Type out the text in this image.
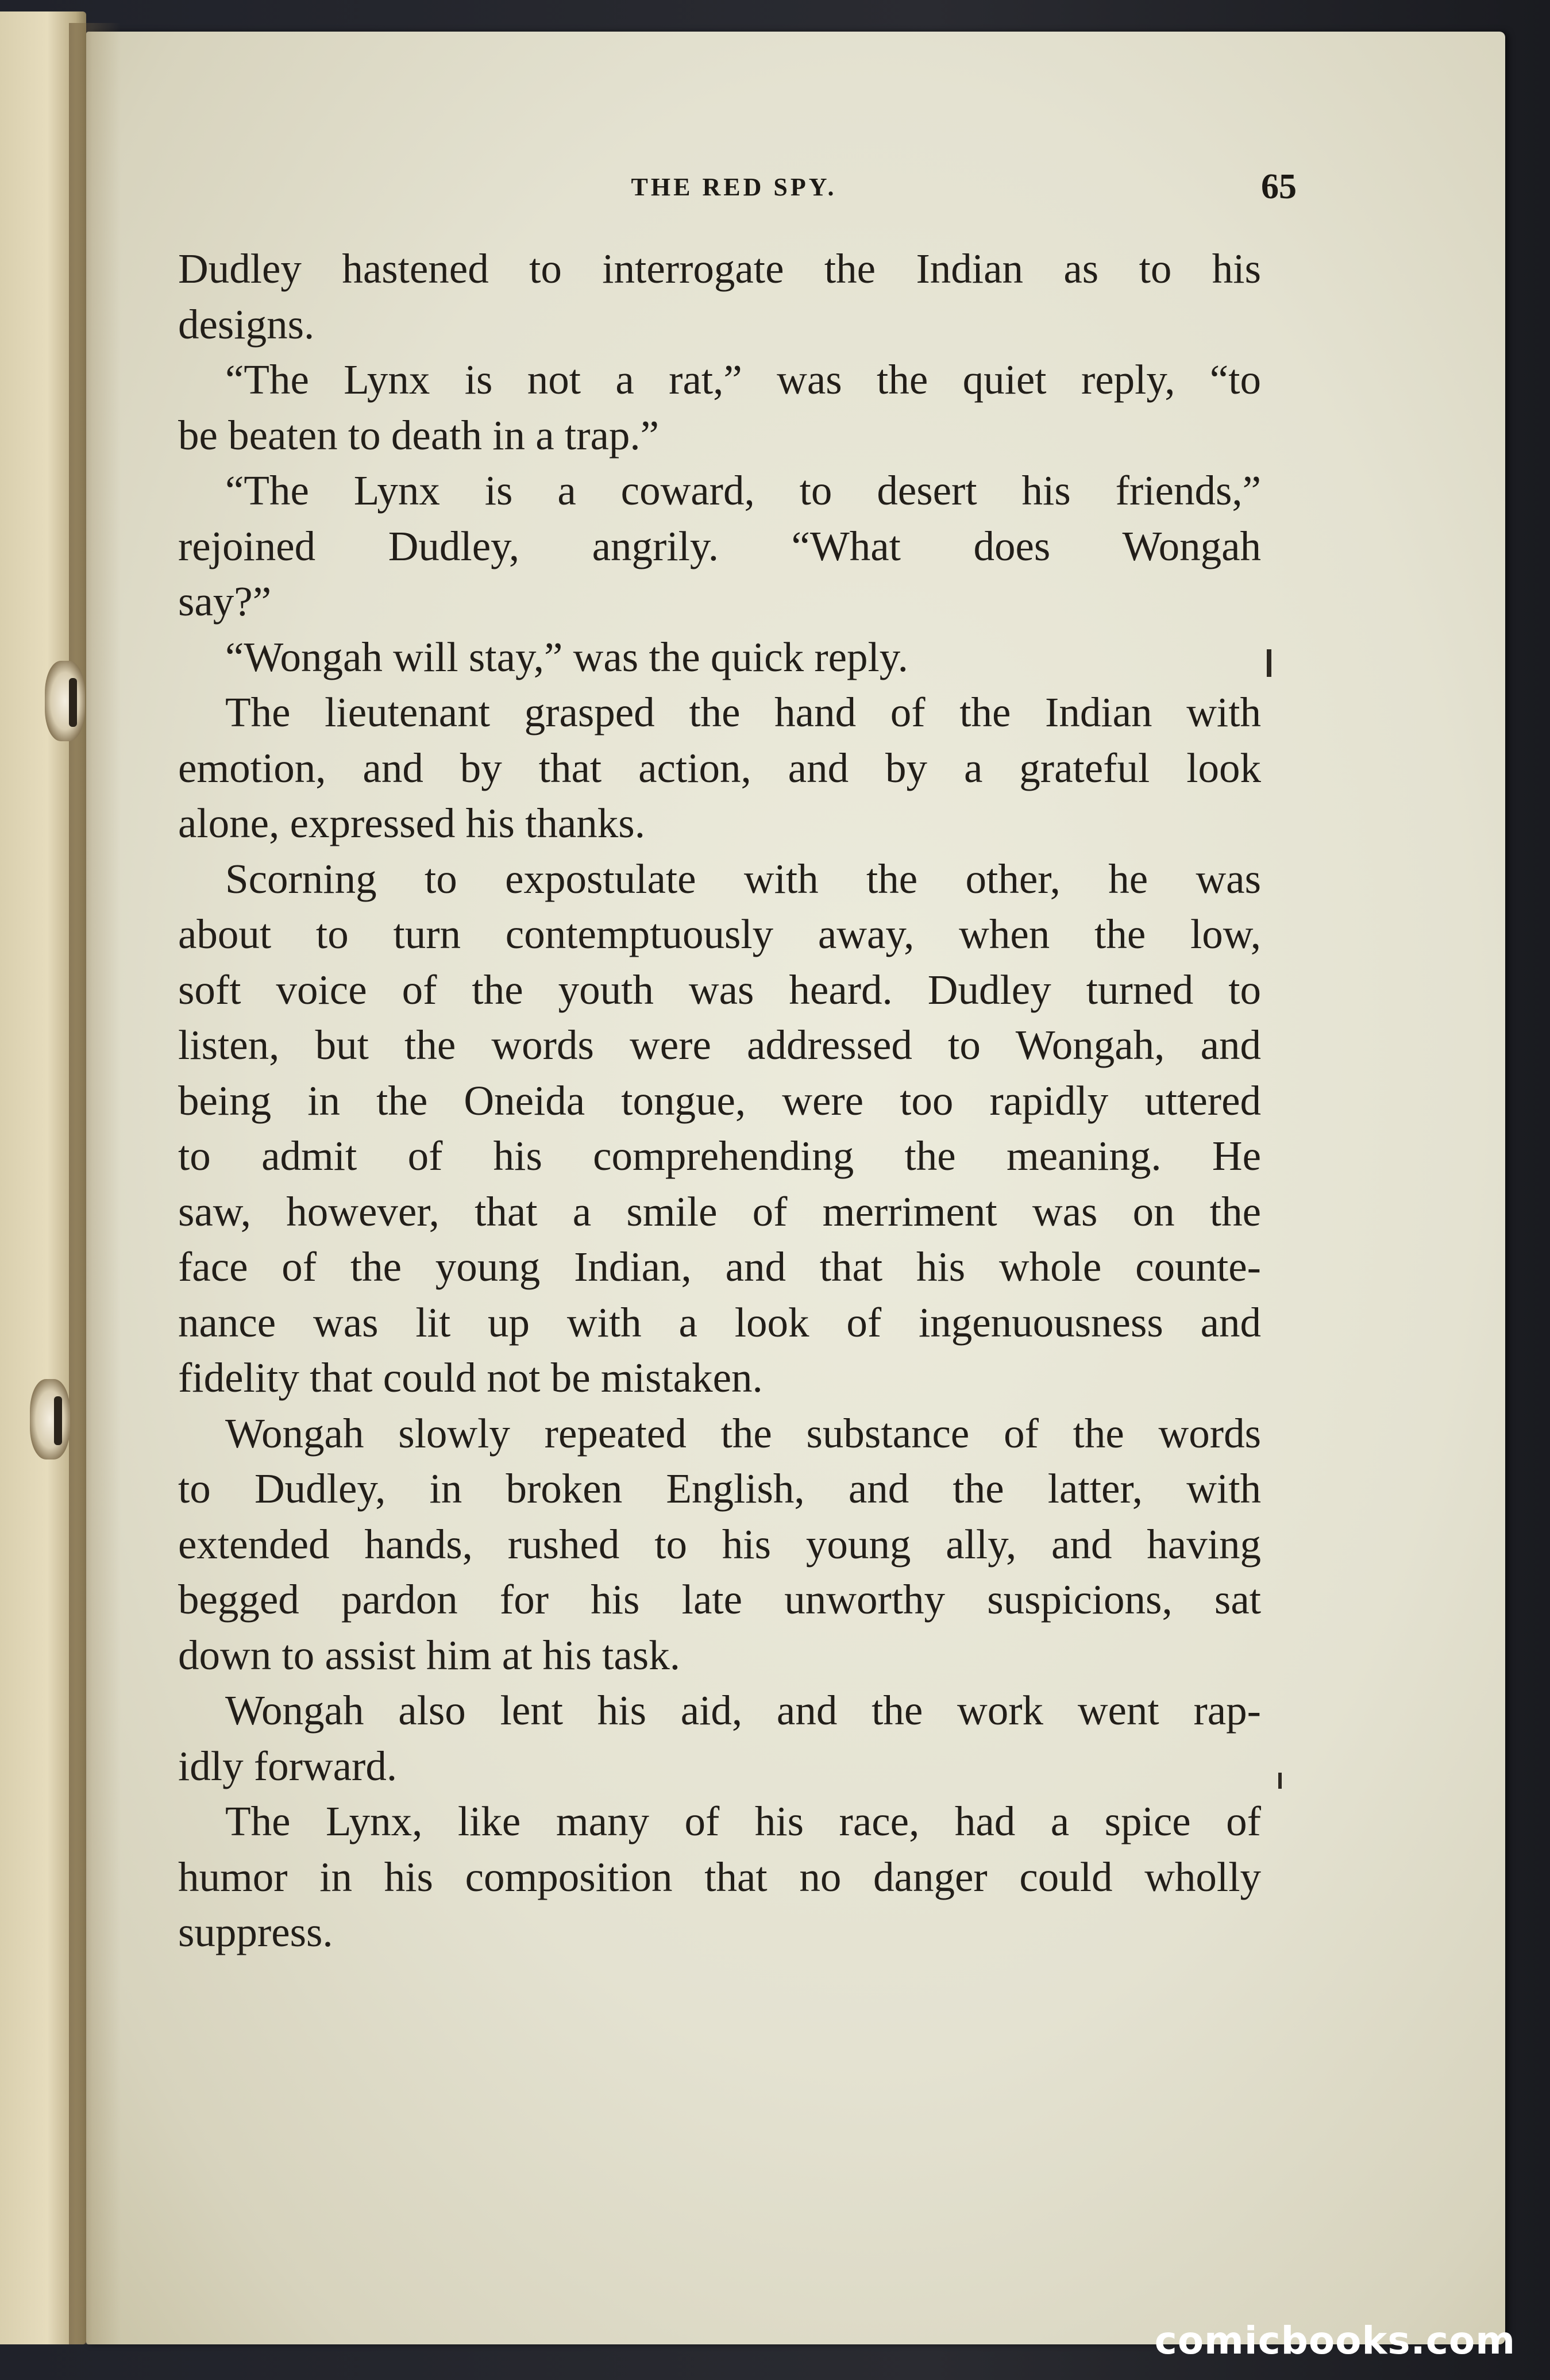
THE RED SPY.	65
Dudley hastened to interrogate the Indian as to his
designs.
“The Lynx is not a rat,” was the quiet reply, “to
be beaten to death in a trap.”
“The Lynx is a coward, to desert his friends,”
rejoined Dudley, angrily. “What does Wongah
say?”
“Wongah will stay,” was the quick reply.
The lieutenant grasped the hand of the Indian with
emotion, and by that action, and by a grateful look
alone, expressed his thanks.
Scorning to expostulate with the other, he was
about to turn contemptuously away, when the low,
soft voice of the youth was heard. Dudley turned to
listen, but the words were addressed to Wongah, and
being in the Oneida tongue, were too rapidly uttered
to admit of his comprehending the meaning. He
saw, however, that a smile of merriment was on the
face of the young Indian, and that his whole counte-
nance was lit up with a look of ingenuousness and
fidelity that could not be mistaken.
Wongah slowly repeated the substance of the words
to Dudley, in broken English, and the latter, with
extended hands, rushed to his young ally, and having
begged pardon for his late unworthy suspicions, sat
down to assist him at his task.
Wongah also lent his aid, and the work went rap-
idly forward.
The Lynx, like many of his race, had a spice of
humor in his composition that no danger could wholly
suppress.
comicbooks.com
